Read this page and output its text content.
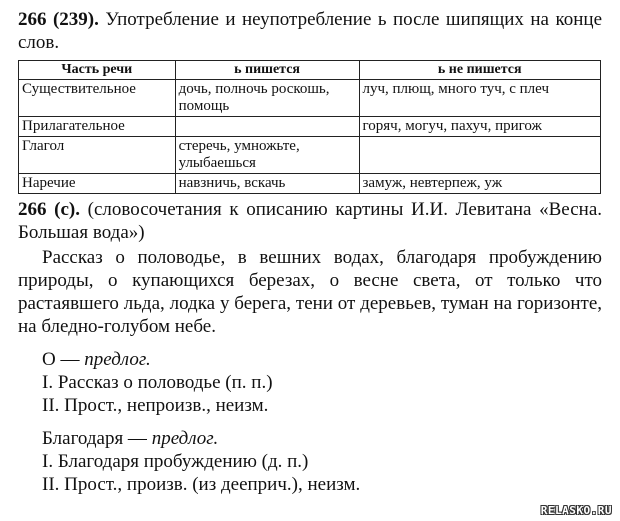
266 (239). Употребление и неупотребление ь после шипящих на конце слов.

Часть речи	ь пишется	ь не пишется
Существительное	дочь, полночь роскошь, помощь	луч, плющ, много туч, с плеч
Прилагательное		горяч, могуч, пахуч, пригож
Глагол	стеречь, умножьте, улыбаешься	
Наречие	навзничь, вскачь	замуж, невтерпеж, уж

266 (с). (словосочетания к описанию картины И.И. Левитана «Весна. Большая вода»)

Рассказ о половодье, в вешних водах, благодаря пробуждению природы, о купающихся березах, о весне света, от только что растаявшего льда, лодка у берега, тени от деревьев, туман на горизонте, на бледно-голубом небе.

О — предлог.

I. Рассказ о половодье (п. п.)

II. Прост., непроизв., неизм.

Благодаря — предлог.

I. Благодаря пробуждению (д. п.)

II. Прост., произв. (из дееприч.), неизм.

RELASKO.RU
